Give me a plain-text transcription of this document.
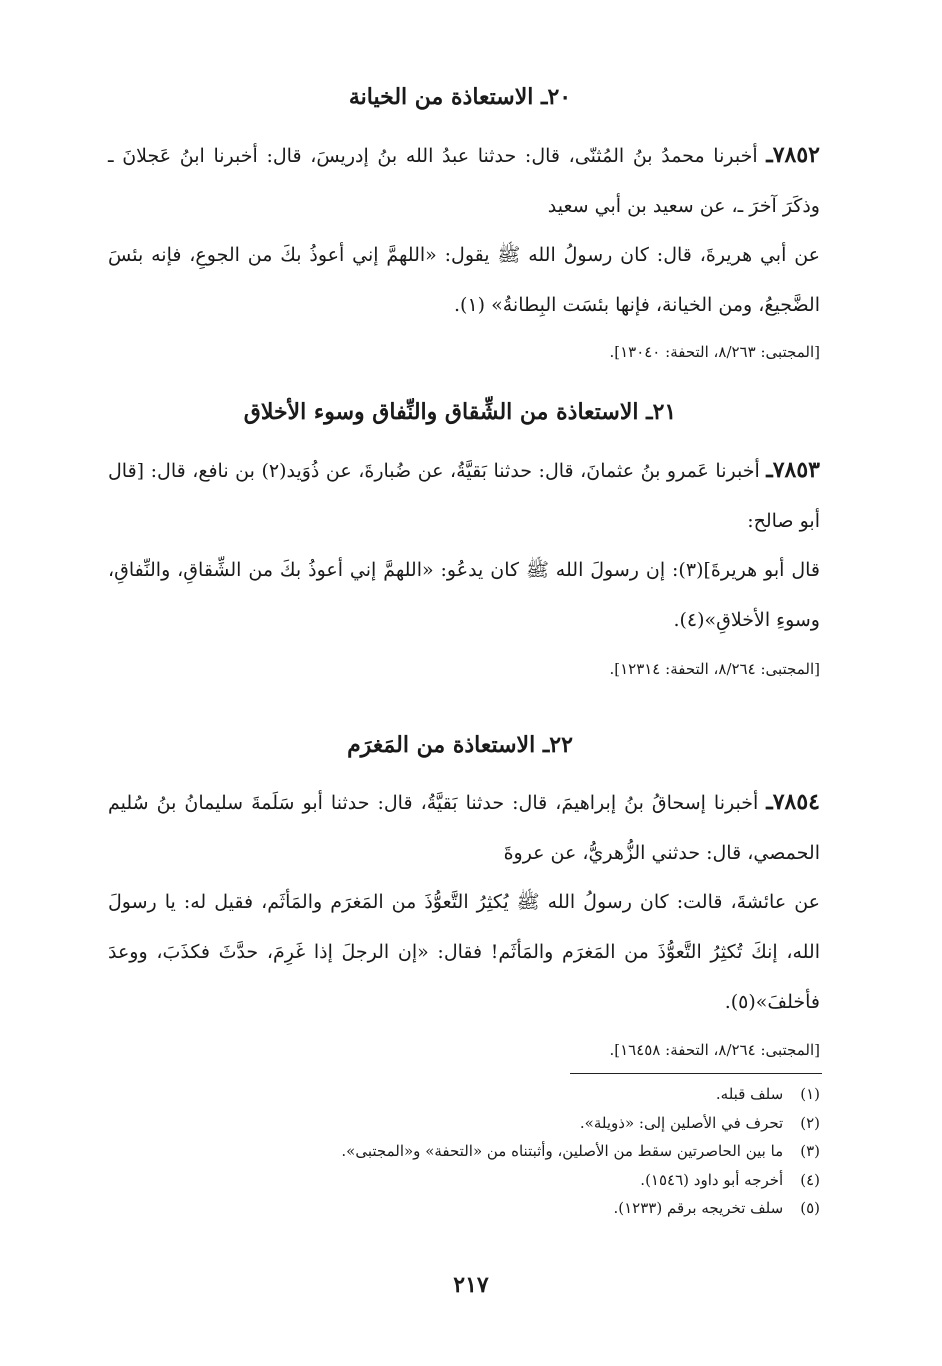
٢٠ـ الاستعاذة من الخيانة
٧٨٥٢ـ أخبرنا محمدُ بنُ المُثنّى، قال: حدثنا عبدُ الله بنُ إدريسَ، قال: أخبرنا ابنُ عَجلانَ ـ وذكَرَ آخرَ ـ، عن سعيد بن أبي سعيد
عن أبي هريرةَ، قال: كان رسولُ الله ﷺ يقول: «اللهمَّ إني أعوذُ بكَ من الجوعِ، فإنه بئسَ الضَّجيعُ، ومن الخيانة، فإنها بئسَت البِطانةُ» (١).
[المجتبى: ٨/٢٦٣، التحفة: ١٣٠٤٠].
٢١ـ الاستعاذة من الشِّقاق والنِّفاق وسوء الأخلاق
٧٨٥٣ـ أخبرنا عَمرو بنُ عثمانَ، قال: حدثنا بَقيَّةُ، عن ضُبارةَ، عن ذُوَيد(٢) بن نافع، قال: [قال أبو صالح:
قال أبو هريرةَ](٣): إن رسولَ الله ﷺ كان يدعُو: «اللهمَّ إني أعوذُ بكَ من الشِّقاقِ، والنِّفاقِ، وسوءِ الأخلاقِ»(٤).
[المجتبى: ٨/٢٦٤، التحفة: ١٢٣١٤].
٢٢ـ الاستعاذة من المَغرَم
٧٨٥٤ـ أخبرنا إسحاقُ بنُ إبراهيمَ، قال: حدثنا بَقيَّةُ، قال: حدثنا أبو سَلَمةَ سليمانُ بنُ سُليم الحمصي، قال: حدثني الزُّهريُّ، عن عروةَ
عن عائشةَ، قالت: كان رسولُ الله ﷺ يُكثِرُ التَّعوُّذَ من المَغرَم والمَأثَم، فقيل له: يا رسولَ الله، إنكَ تُكثِرُ التَّعوُّذَ من المَغرَم والمَأثَم! فقال: «إن الرجلَ إذا غَرِمَ، حدَّثَ فكذَبَ، ووعدَ فأخلفَ»(٥).
[المجتبى: ٨/٢٦٤، التحفة: ١٦٤٥٨].
(١) سلف قبله.
(٢) تحرف في الأصلين إلى: «ذويلة».
(٣) ما بين الحاصرتين سقط من الأصلين، وأثبتناه من «التحفة» و«المجتبى».
(٤) أخرجه أبو داود (١٥٤٦).
(٥) سلف تخريجه برقم (١٢٣٣).
٢١٧
